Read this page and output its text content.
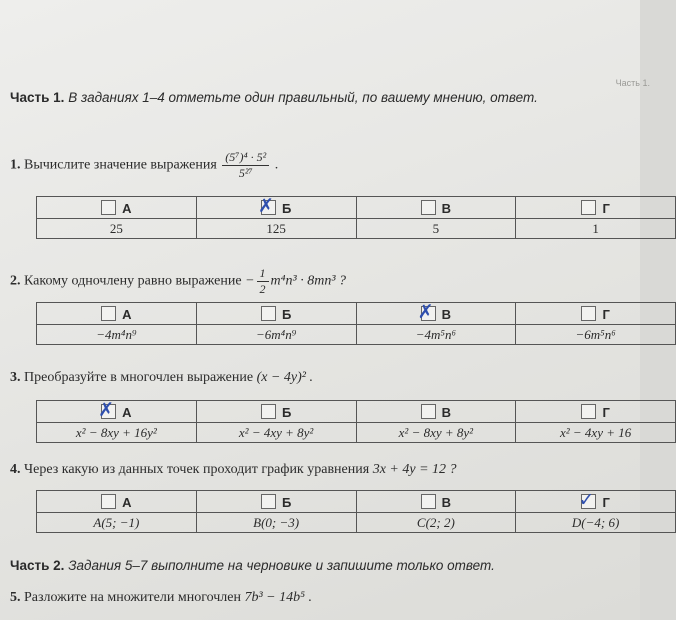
Часть 1.
Часть 1. В заданиях 1–4 отметьте один правильный, по вашему мнению, ответ.
1. Вычислите значение выражения $\frac{\text{(5⁷)⁴ · 5²}}{\text{5²⁷}}$ .
А	✗ Б	В	Г
25	125	5	1
2. Какому одночлену равно выражение − $\frac{1}{2} m^4n^3 \cdot 8mn^3$ ?
А	Б	✗ В	Г
−4m⁴n⁹	−6m⁴n⁹	−4m⁵n⁶	−6m⁵n⁶
3. Преобразуйте в многочлен выражение (x − 4y)² .
✗ А	Б	В	Г
x² − 8xy + 16y²	x² − 4xy + 8y²	x² − 8xy + 8y²	x² − 4xy + 16
4. Через какую из данных точек проходит график уравнения 3x + 4y = 12 ?
А	Б	В	✓ Г
A(5; −1)	B(0; −3)	C(2; 2)	D(−4; 6)
Часть 2. Задания 5–7 выполните на черновике и запишите только ответ.
5. Разложите на множители многочлен 7b³ − 14b⁵ .
